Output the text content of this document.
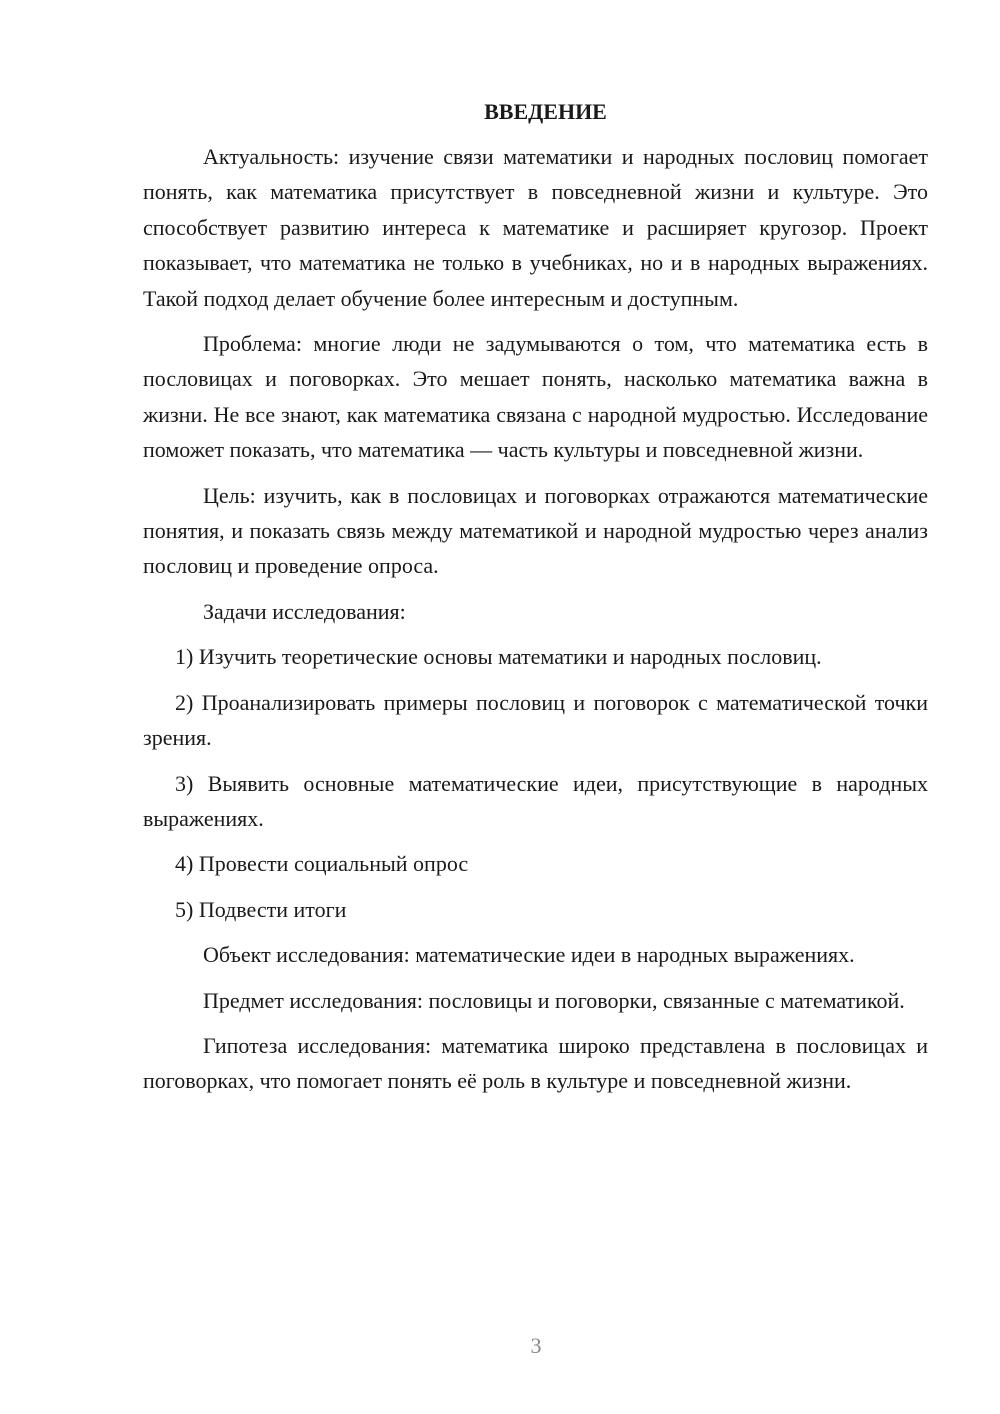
ВВЕДЕНИЕ

Актуальность: изучение связи математики и народных пословиц помогает понять, как математика присутствует в повседневной жизни и культуре. Это способствует развитию интереса к математике и расширяет кругозор. Проект показывает, что математика не только в учебниках, но и в народных выражениях. Такой подход делает обучение более интересным и доступным.

Проблема: многие люди не задумываются о том, что математика есть в пословицах и поговорках. Это мешает понять, насколько математика важна в жизни. Не все знают, как математика связана с народной мудростью. Исследование поможет показать, что математика — часть культуры и повседневной жизни.

Цель: изучить, как в пословицах и поговорках отражаются математические понятия, и показать связь между математикой и народной мудростью через анализ пословиц и проведение опроса.

Задачи исследования:

1) Изучить теоретические основы математики и народных пословиц.

2) Проанализировать примеры пословиц и поговорок с математической точки зрения.

3) Выявить основные математические идеи, присутствующие в народных выражениях.

4) Провести социальный опрос

5) Подвести итоги

Объект исследования: математические идеи в народных выражениях.

Предмет исследования: пословицы и поговорки, связанные с математикой.

Гипотеза исследования: математика широко представлена в пословицах и поговорках, что помогает понять её роль в культуре и повседневной жизни.

3
